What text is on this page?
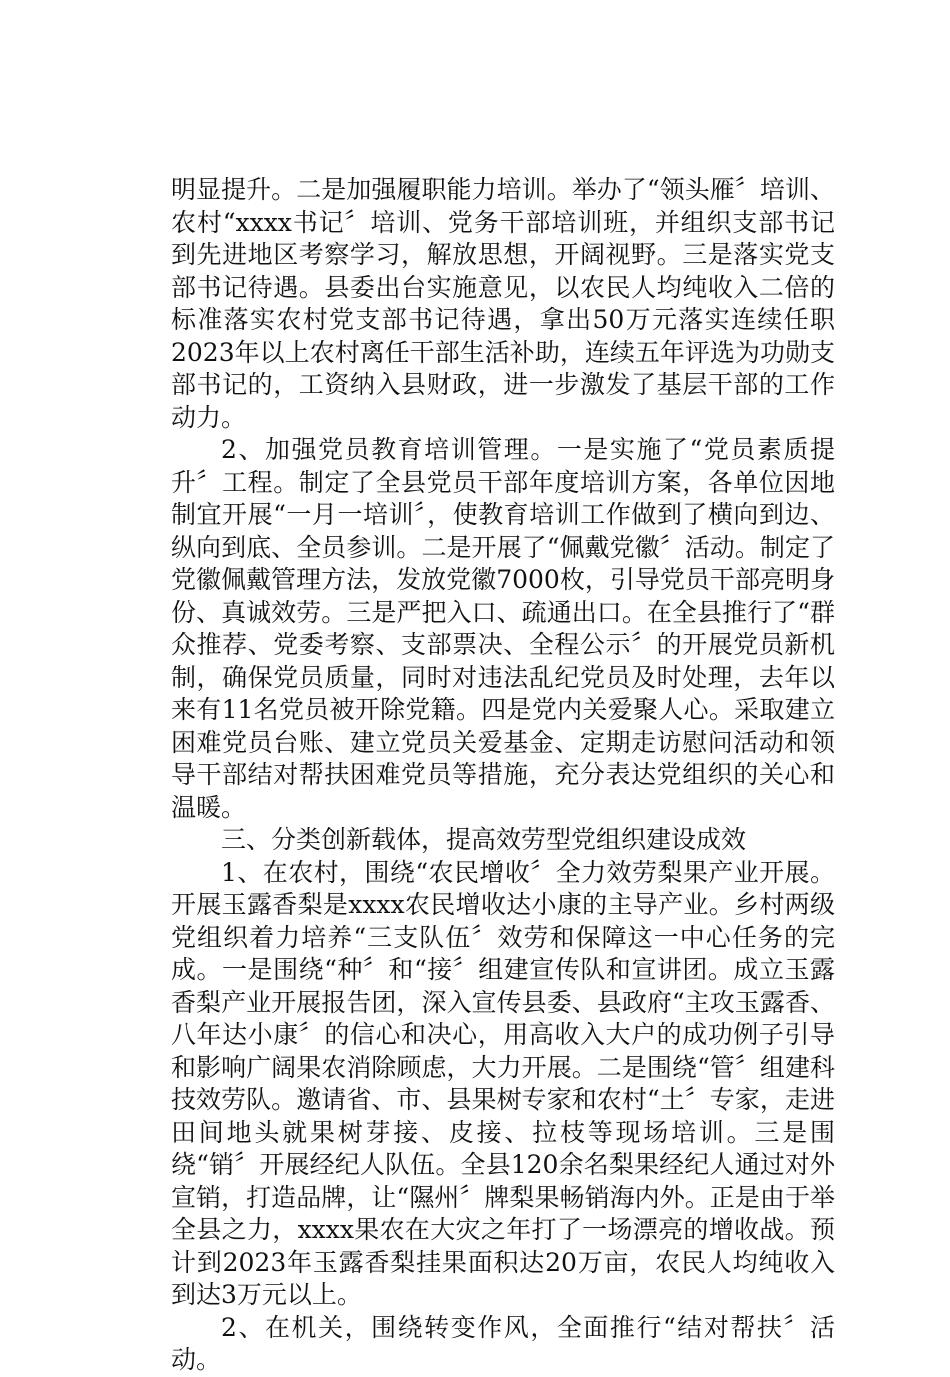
明显提升。二是加强履职能力培训。举办了“领头雁〞培训、农村“xxxx书记〞培训、党务干部培训班，并组织支部书记到先进地区考察学习，解放思想，开阔视野。三是落实党支部书记待遇。县委出台实施意见，以农民人均纯收入二倍的标准落实农村党支部书记待遇，拿出50万元落实连续任职2023年以上农村离任干部生活补助，连续五年评选为功勋支部书记的，工资纳入县财政，进一步激发了基层干部的工作动力。

2、加强党员教育培训管理。一是实施了“党员素质提升〞工程。制定了全县党员干部年度培训方案，各单位因地制宜开展“一月一培训〞，使教育培训工作做到了横向到边、纵向到底、全员参训。二是开展了“佩戴党徽〞活动。制定了党徽佩戴管理方法，发放党徽7000枚，引导党员干部亮明身份、真诚效劳。三是严把入口、疏通出口。在全县推行了“群众推荐、党委考察、支部票决、全程公示〞的开展党员新机制，确保党员质量，同时对违法乱纪党员及时处理，去年以来有11名党员被开除党籍。四是党内关爱聚人心。采取建立困难党员台账、建立党员关爱基金、定期走访慰问活动和领导干部结对帮扶困难党员等措施，充分表达党组织的关心和温暖。

三、分类创新载体，提高效劳型党组织建设成效

1、在农村，围绕“农民增收〞全力效劳梨果产业开展。开展玉露香梨是xxxx农民增收达小康的主导产业。乡村两级党组织着力培养“三支队伍〞效劳和保障这一中心任务的完成。一是围绕“种〞和“接〞组建宣传队和宣讲团。成立玉露香梨产业开展报告团，深入宣传县委、县政府“主攻玉露香、八年达小康〞的信心和决心，用高收入大户的成功例子引导和影响广阔果农消除顾虑，大力开展。二是围绕“管〞组建科技效劳队。邀请省、市、县果树专家和农村“土〞专家，走进田间地头就果树芽接、皮接、拉枝等现场培训。三是围绕“销〞开展经纪人队伍。全县120余名梨果经纪人通过对外宣销，打造品牌，让“隰州〞牌梨果畅销海内外。正是由于举全县之力，xxxx果农在大灾之年打了一场漂亮的增收战。预计到2023年玉露香梨挂果面积达20万亩，农民人均纯收入到达3万元以上。

2、在机关，围绕转变作风，全面推行“结对帮扶〞活动。
